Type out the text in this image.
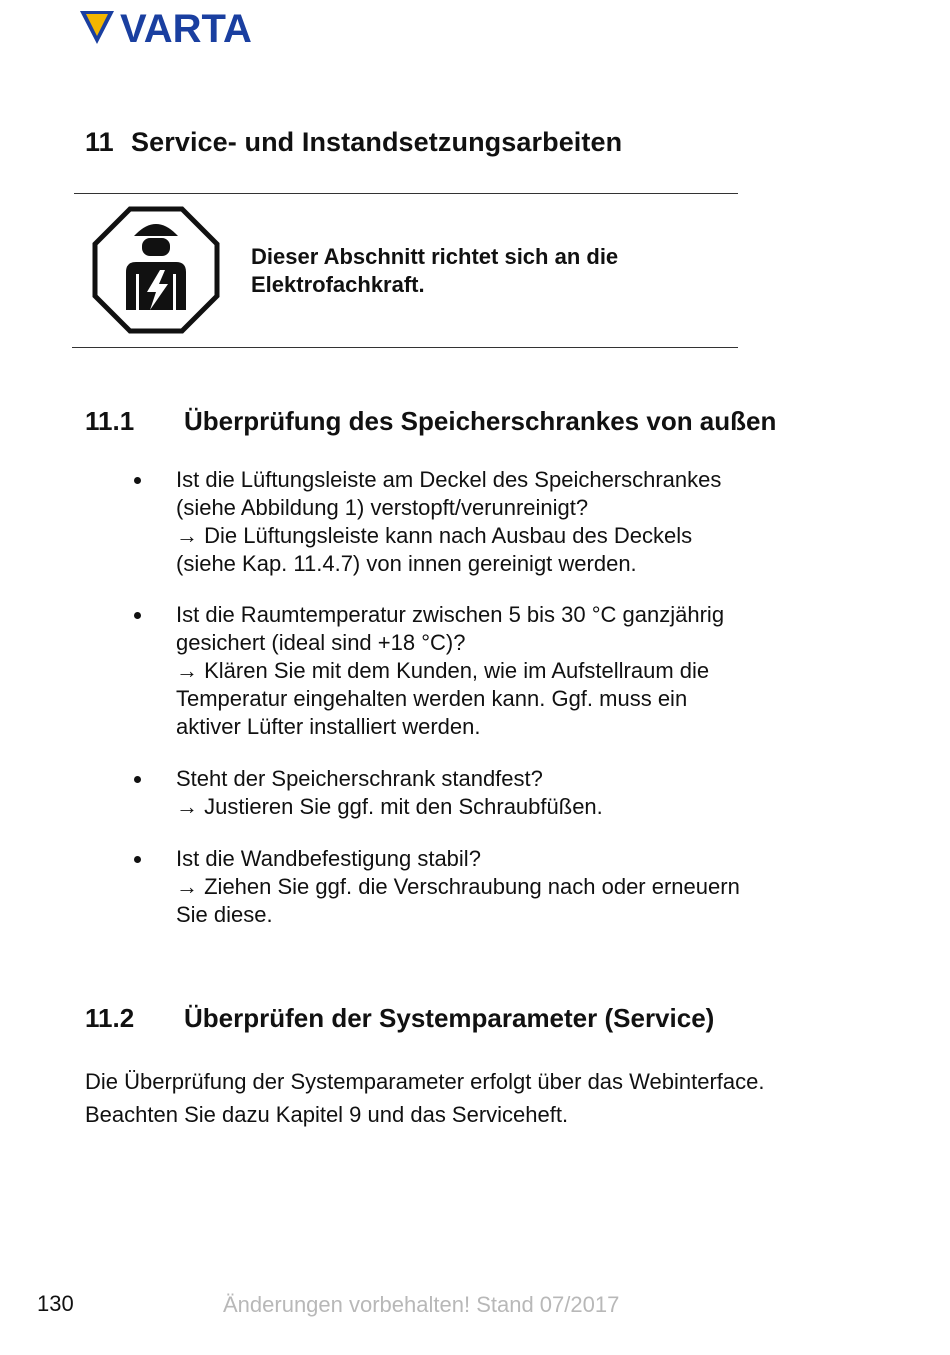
VARTA
11 Service- und Instandsetzungsarbeiten
Dieser Abschnitt richtet sich an die Elektrofachkraft.
11.1 Überprüfung des Speicherschrankes von außen
Ist die Lüftungsleiste am Deckel des Speicherschrankes
(siehe Abbildung 1) verstopft/verunreinigt?
→ Die Lüftungsleiste kann nach Ausbau des Deckels
(siehe Kap. 11.4.7) von innen gereinigt werden.
Ist die Raumtemperatur zwischen 5 bis 30 °C ganzjährig
gesichert (ideal sind +18 °C)?
→ Klären Sie mit dem Kunden, wie im Aufstellraum die
Temperatur eingehalten werden kann. Ggf. muss ein
aktiver Lüfter installiert werden.
Steht der Speicherschrank standfest?
→ Justieren Sie ggf. mit den Schraubfüßen.
Ist die Wandbefestigung stabil?
→ Ziehen Sie ggf. die Verschraubung nach oder erneuern
Sie diese.
11.2 Überprüfen der Systemparameter (Service)
Die Überprüfung der Systemparameter erfolgt über das Webinterface. Beachten Sie dazu Kapitel 9 und das Serviceheft.
130	Änderungen vorbehalten! Stand 07/2017
